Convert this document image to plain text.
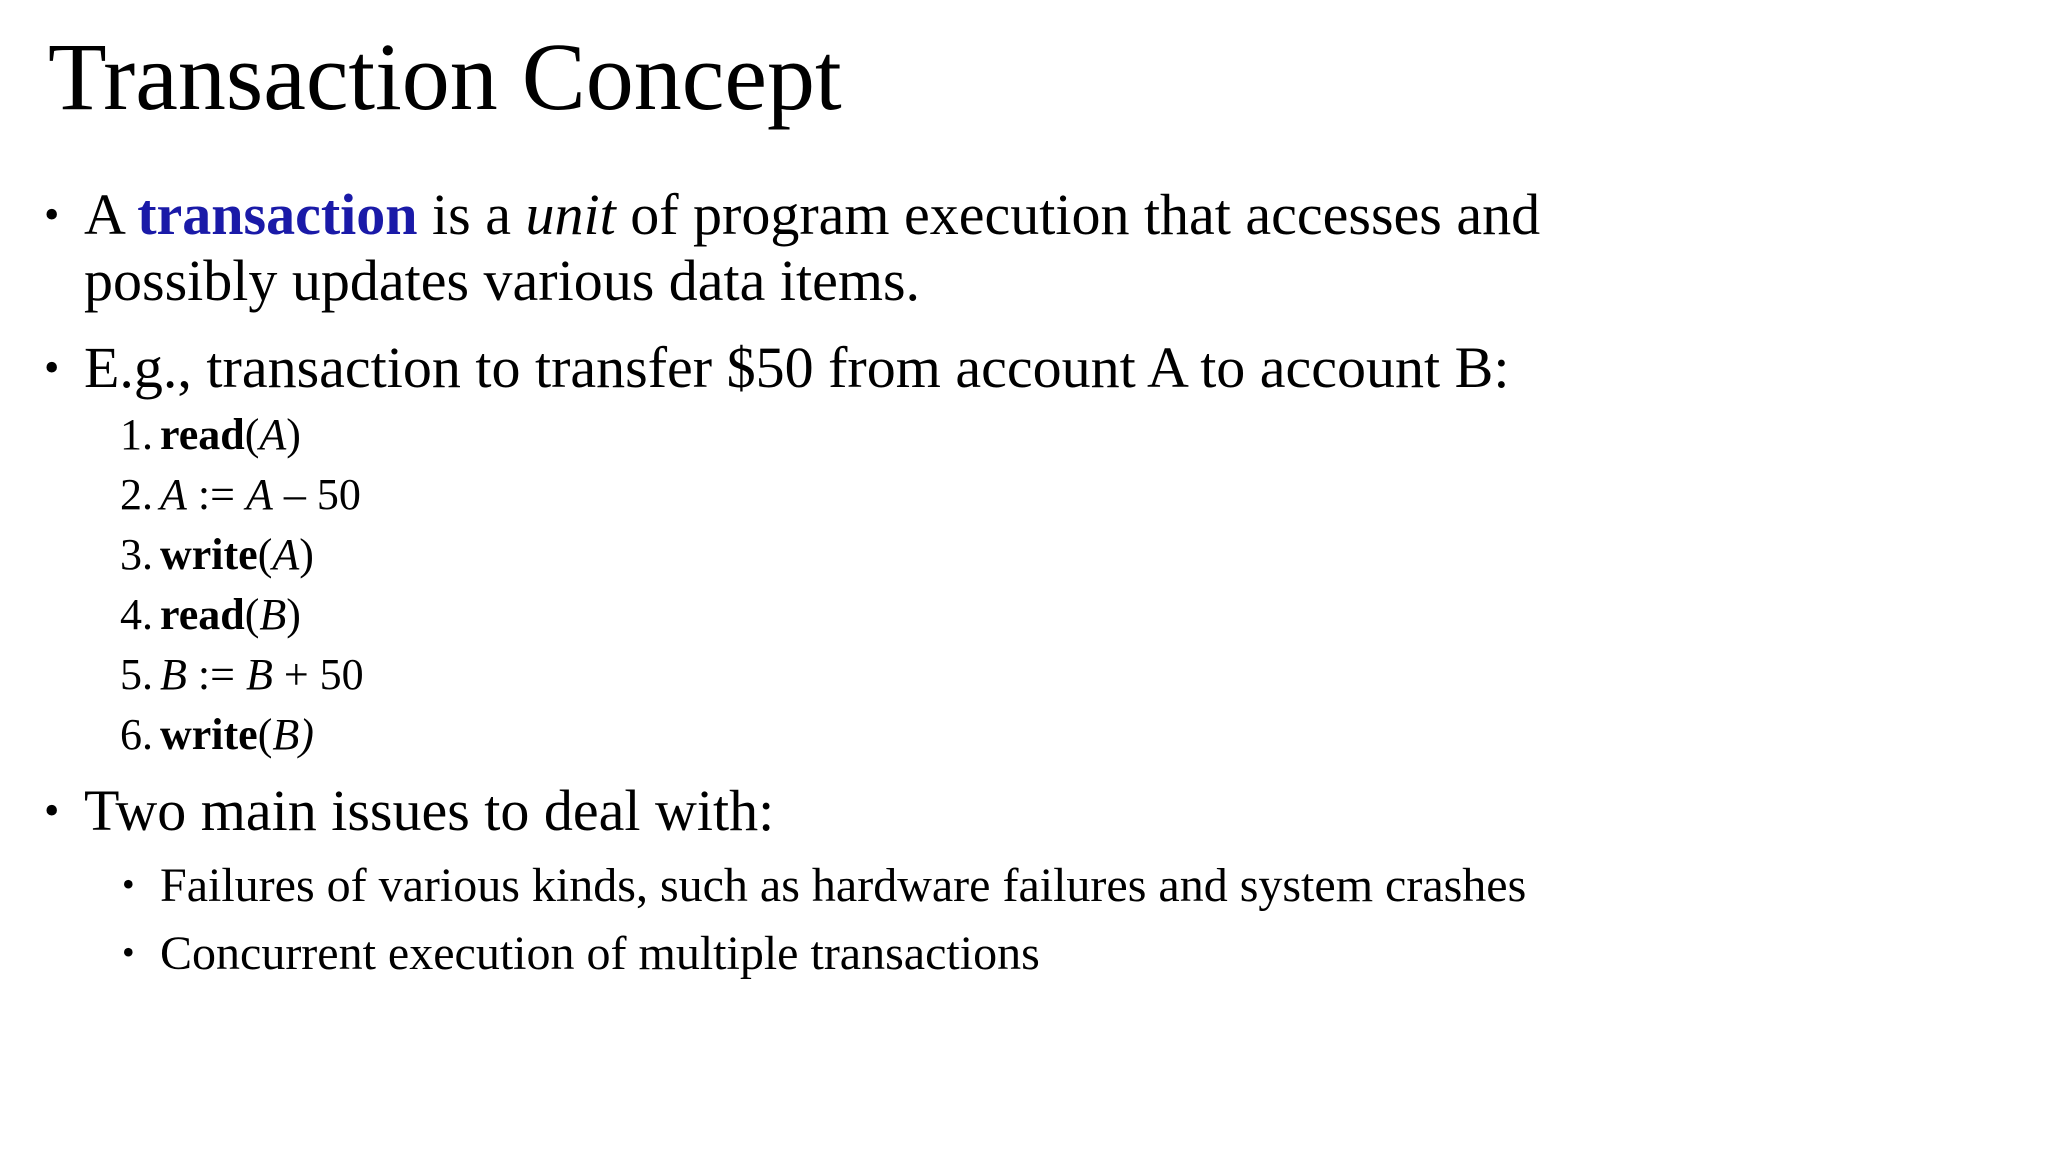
Transaction Concept
• A transaction is a unit of program execution that accesses and possibly updates various data items.
• E.g., transaction to transfer $50 from account A to account B:
1. read(A)
2. A := A – 50
3. write(A)
4. read(B)
5. B := B + 50
6. write(B)
• Two main issues to deal with:
• Failures of various kinds, such as hardware failures and system crashes
• Concurrent execution of multiple transactions
